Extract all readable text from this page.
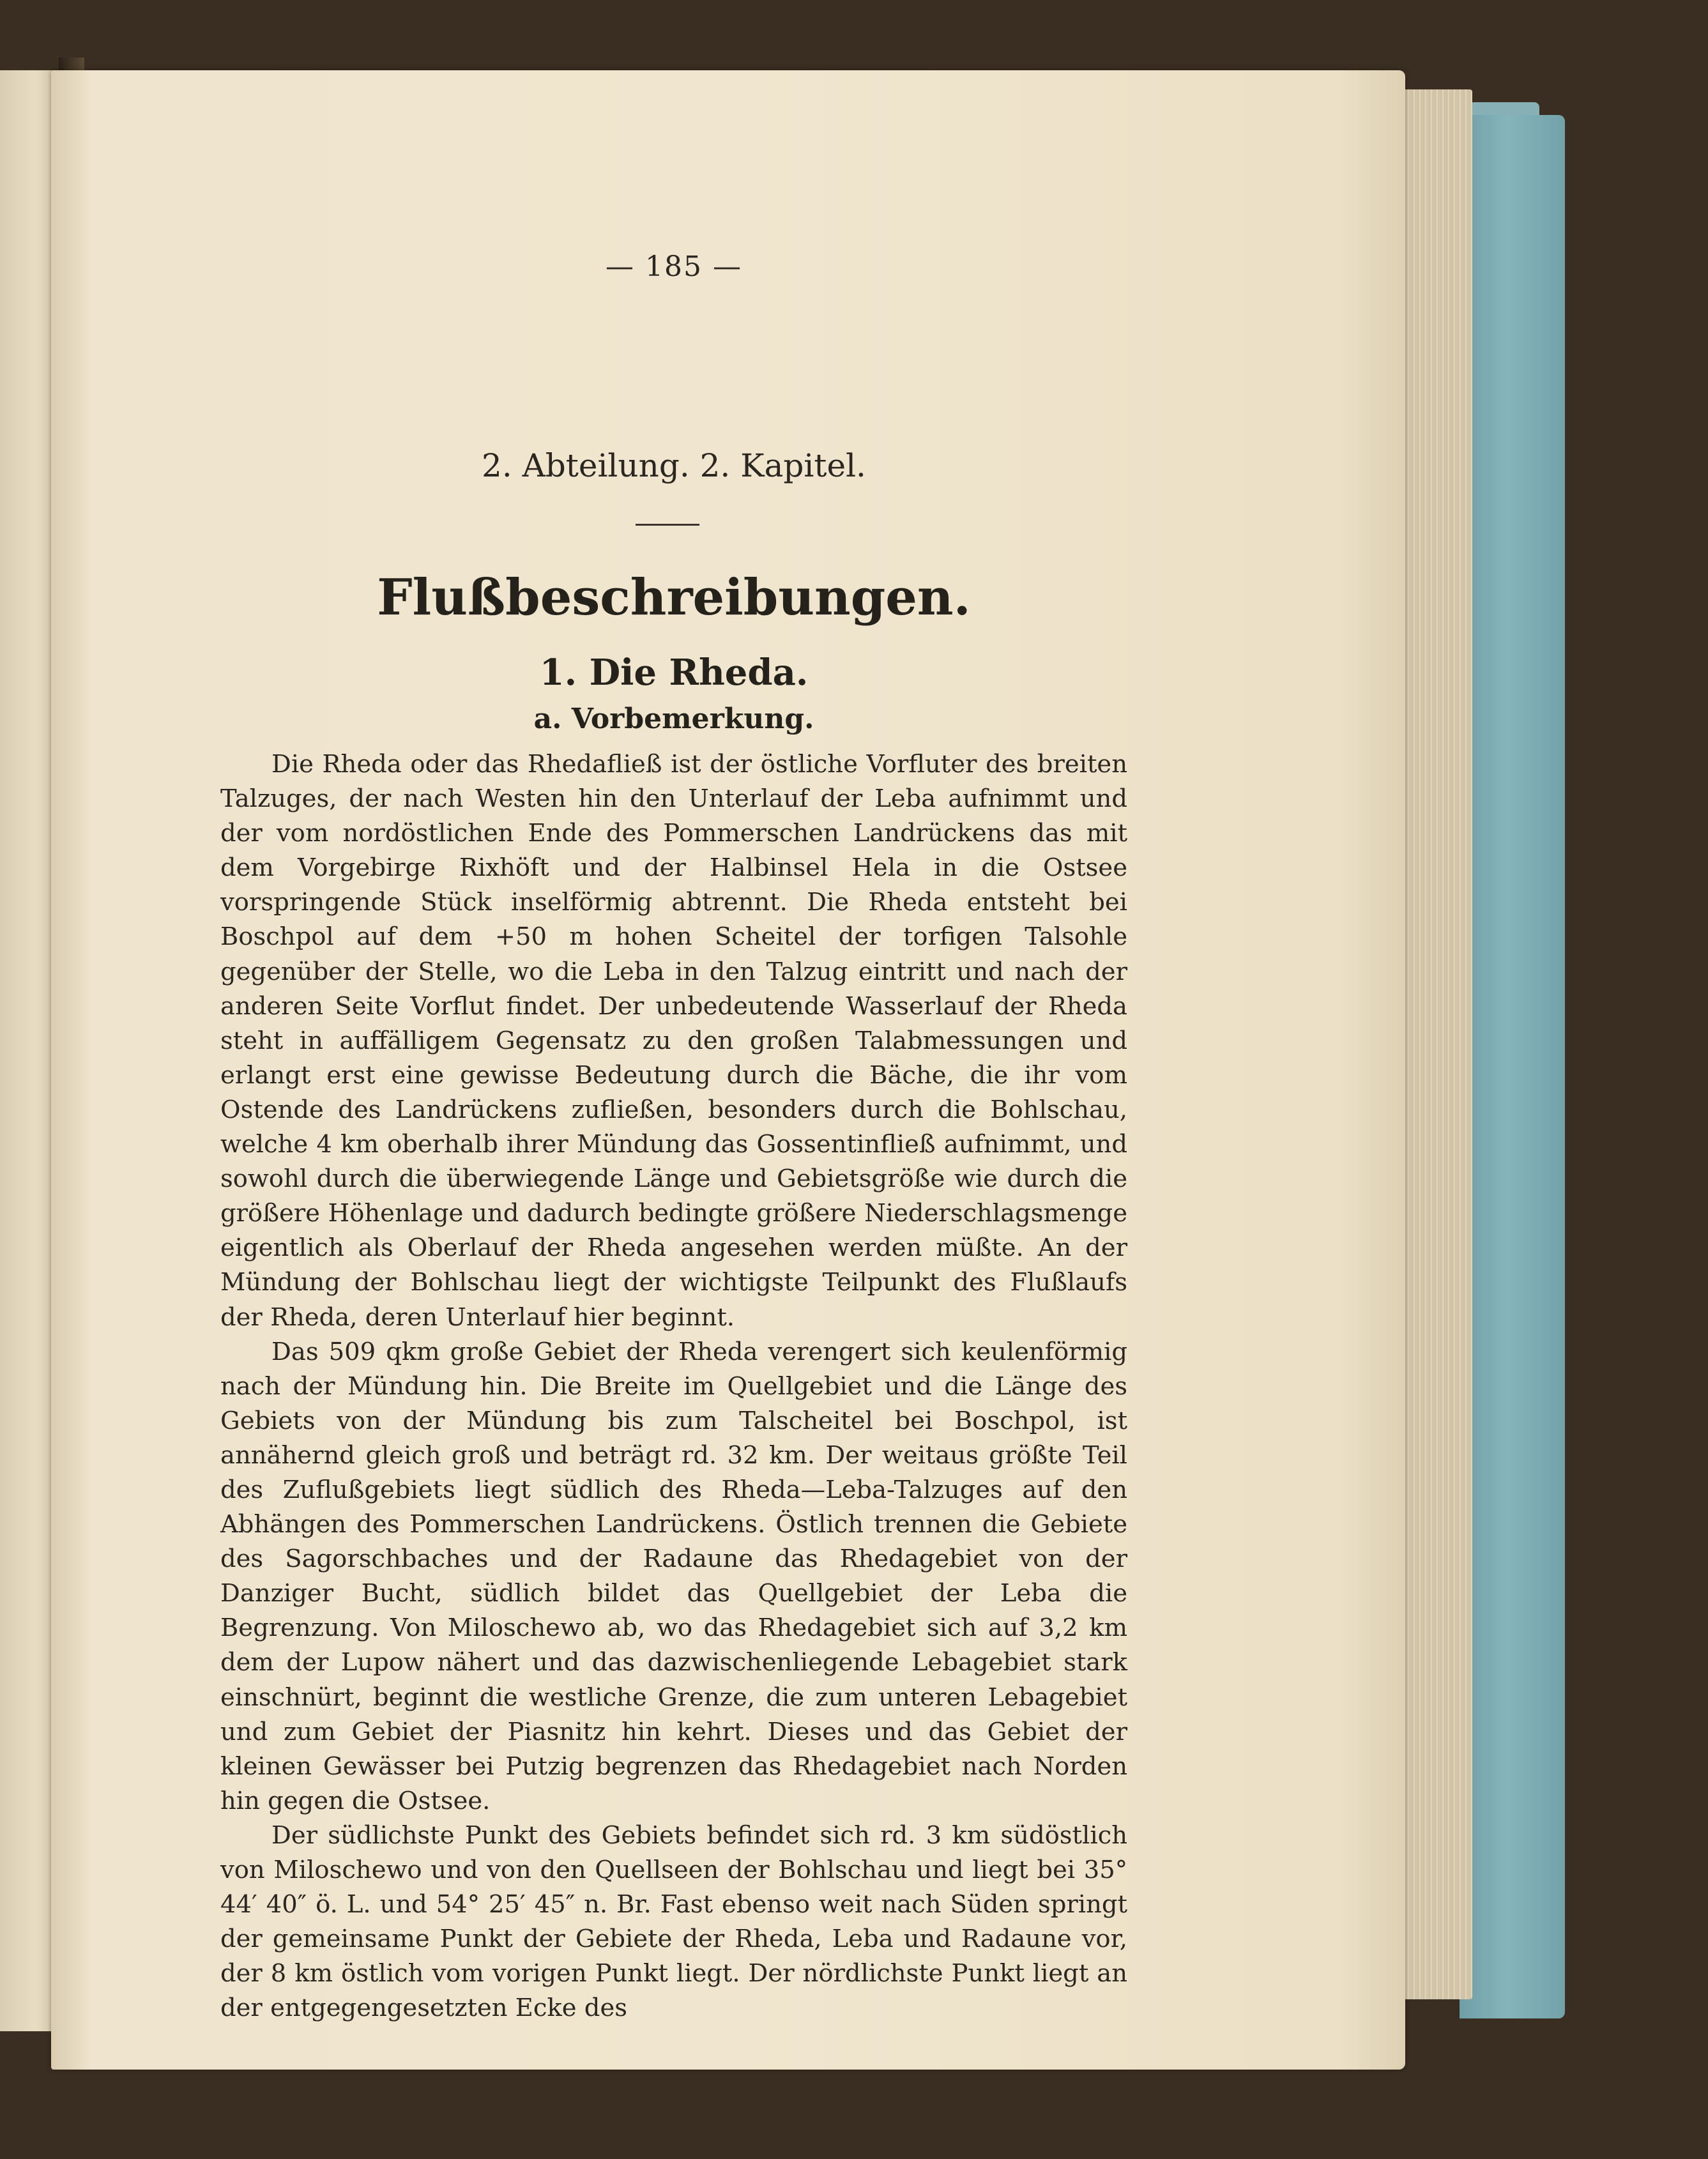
— 185 —
2. Abteilung. 2. Kapitel.
Flußbeschreibungen.
1. Die Rheda.
a. Vorbemerkung.

Die Rheda oder das Rhedafließ ist der östliche Vorfluter des breiten Talzuges, der nach Westen hin den Unterlauf der Leba aufnimmt und der vom nordöstlichen Ende des Pommerschen Landrückens das mit dem Vorgebirge Rixhöft und der Halbinsel Hela in die Ostsee vorspringende Stück inselförmig abtrennt. Die Rheda entsteht bei Boschpol auf dem +50 m hohen Scheitel der torfigen Talsohle gegenüber der Stelle, wo die Leba in den Talzug eintritt und nach der anderen Seite Vorflut findet. Der unbedeutende Wasserlauf der Rheda steht in auffälligem Gegensatz zu den großen Talabmessungen und erlangt erst eine gewisse Bedeutung durch die Bäche, die ihr vom Ostende des Landrückens zufließen, besonders durch die Bohlschau, welche 4 km oberhalb ihrer Mündung das Gossentinfließ aufnimmt, und sowohl durch die überwiegende Länge und Gebietsgröße wie durch die größere Höhenlage und dadurch bedingte größere Niederschlagsmenge eigentlich als Oberlauf der Rheda angesehen werden müßte. An der Mündung der Bohlschau liegt der wichtigste Teilpunkt des Flußlaufs der Rheda, deren Unterlauf hier beginnt.

Das 509 qkm große Gebiet der Rheda verengert sich keulenförmig nach der Mündung hin. Die Breite im Quellgebiet und die Länge des Gebiets von der Mündung bis zum Talscheitel bei Boschpol, ist annähernd gleich groß und beträgt rd. 32 km. Der weitaus größte Teil des Zuflußgebiets liegt südlich des Rheda—Leba-Talzuges auf den Abhängen des Pommerschen Landrückens. Östlich trennen die Gebiete des Sagorschbaches und der Radaune das Rhedagebiet von der Danziger Bucht, südlich bildet das Quellgebiet der Leba die Begrenzung. Von Miloschewo ab, wo das Rhedagebiet sich auf 3,2 km dem der Lupow nähert und das dazwischenliegende Lebagebiet stark einschnürt, beginnt die westliche Grenze, die zum unteren Lebagebiet und zum Gebiet der Piasnitz hin kehrt. Dieses und das Gebiet der kleinen Gewässer bei Putzig begrenzen das Rhedagebiet nach Norden hin gegen die Ostsee.

Der südlichste Punkt des Gebiets befindet sich rd. 3 km südöstlich von Miloschewo und von den Quellseen der Bohlschau und liegt bei 35° 44′ 40″ ö. L. und 54° 25′ 45″ n. Br. Fast ebenso weit nach Süden springt der gemeinsame Punkt der Gebiete der Rheda, Leba und Radaune vor, der 8 km östlich vom vorigen Punkt liegt. Der nördlichste Punkt liegt an der entgegengesetzten Ecke des
